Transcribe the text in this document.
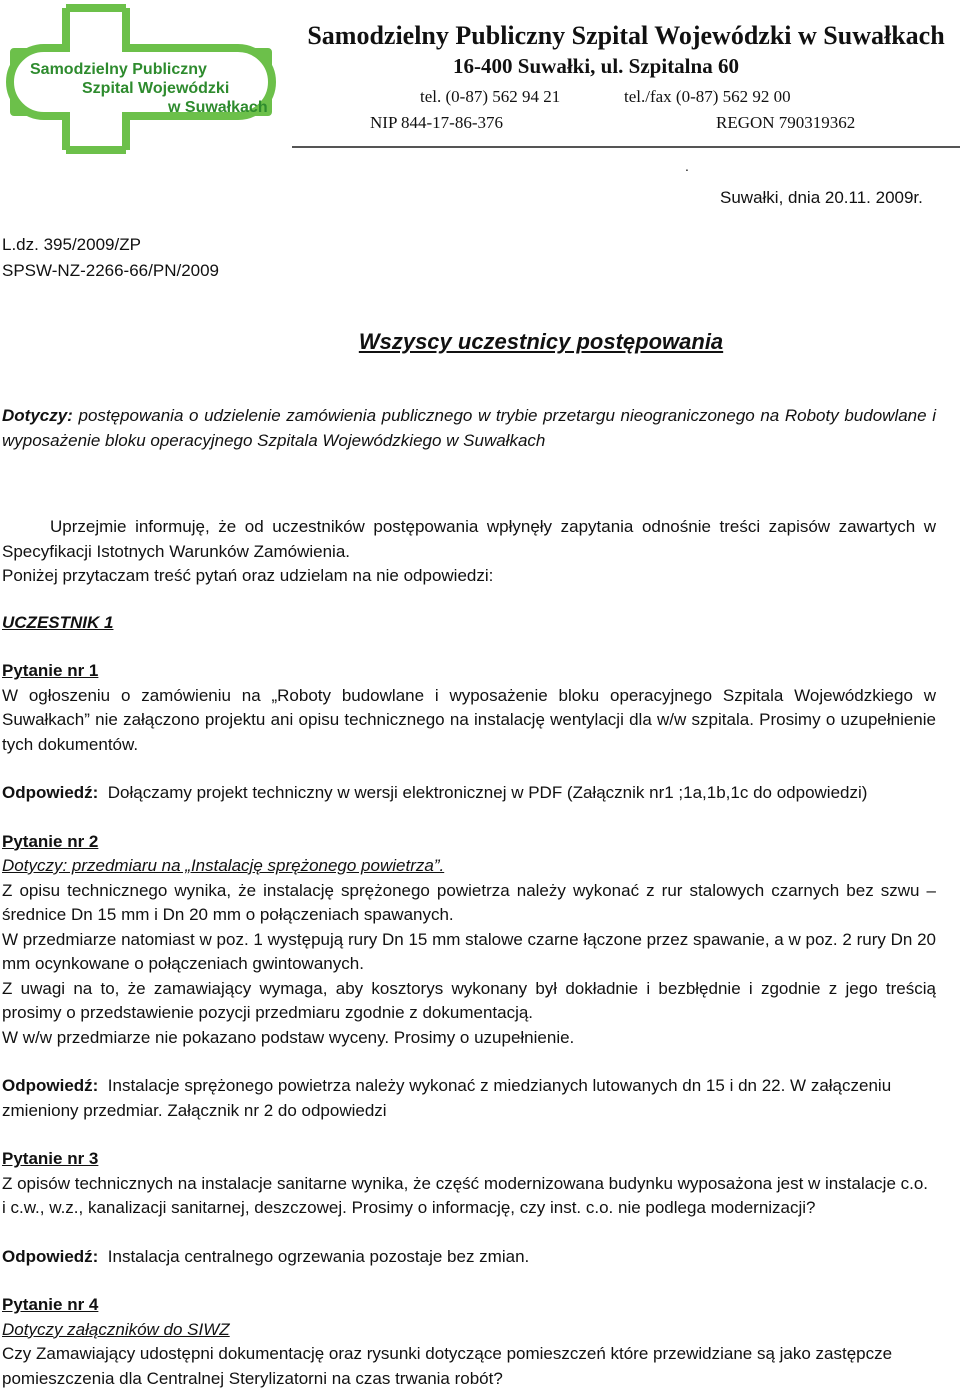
Samodzielny Publiczny
Szpital Wojewódzki
w Suwałkach
Samodzielny Publiczny Szpital Wojewódzki w Suwałkach
16-400 Suwałki, ul. Szpitalna 60
tel. (0-87) 562 94 21	tel./fax (0-87) 562 92 00
NIP 844-17-86-376	REGON 790319362
.
Suwałki, dnia 20.11. 2009r.
L.dz. 395/2009/ZP
SPSW-NZ-2266-66/PN/2009
Wszyscy uczestnicy postępowania

Dotyczy: postępowania o udzielenie zamówienia publicznego w trybie przetargu nieograniczonego na Roboty budowlane i wyposażenie bloku operacyjnego Szpitala Wojewódzkiego w Suwałkach

Uprzejmie informuję, że od uczestników postępowania wpłynęły zapytania odnośnie treści zapisów zawartych w Specyfikacji Istotnych Warunków Zamówienia.

Poniżej przytaczam treść pytań oraz udzielam na nie odpowiedzi:

UCZESTNIK 1

Pytanie nr 1

W ogłoszeniu o zamówieniu na „Roboty budowlane i wyposażenie bloku operacyjnego Szpitala Wojewódzkiego w Suwałkach” nie załączono projektu ani opisu technicznego na instalację wentylacji dla w/w szpitala. Prosimy o uzupełnienie tych dokumentów.

Odpowiedź: Dołączamy projekt techniczny w wersji elektronicznej w PDF (Załącznik nr1 ;1a,1b,1c do odpowiedzi)

Pytanie nr 2

Dotyczy: przedmiaru na „Instalację sprężonego powietrza”.

Z opisu technicznego wynika, że instalację sprężonego powietrza należy wykonać z rur stalowych czarnych bez szwu – średnice Dn 15 mm i Dn 20 mm o połączeniach spawanych.

W przedmiarze natomiast w poz. 1 występują rury Dn 15 mm stalowe czarne łączone przez spawanie, a w poz. 2 rury Dn 20 mm ocynkowane o połączeniach gwintowanych.

Z uwagi na to, że zamawiający wymaga, aby kosztorys wykonany był dokładnie i bezbłędnie i zgodnie z jego treścią prosimy o przedstawienie pozycji przedmiaru zgodnie z dokumentacją.

W w/w przedmiarze nie pokazano podstaw wyceny. Prosimy o uzupełnienie.

Odpowiedź: Instalacje sprężonego powietrza należy wykonać z miedzianych lutowanych dn 15 i dn 22. W załączeniu zmieniony przedmiar. Załącznik nr 2 do odpowiedzi

Pytanie nr 3

Z opisów technicznych na instalacje sanitarne wynika, że część modernizowana budynku wyposażona jest w instalacje c.o. i c.w., w.z., kanalizacji sanitarnej, deszczowej. Prosimy o informację, czy inst. c.o. nie podlega modernizacji?

Odpowiedź: Instalacja centralnego ogrzewania pozostaje bez zmian.

Pytanie nr 4

Dotyczy załączników do SIWZ

Czy Zamawiający udostępni dokumentację oraz rysunki dotyczące pomieszczeń które przewidziane są jako zastępcze pomieszczenia dla Centralnej Sterylizatorni na czas trwania robót?
